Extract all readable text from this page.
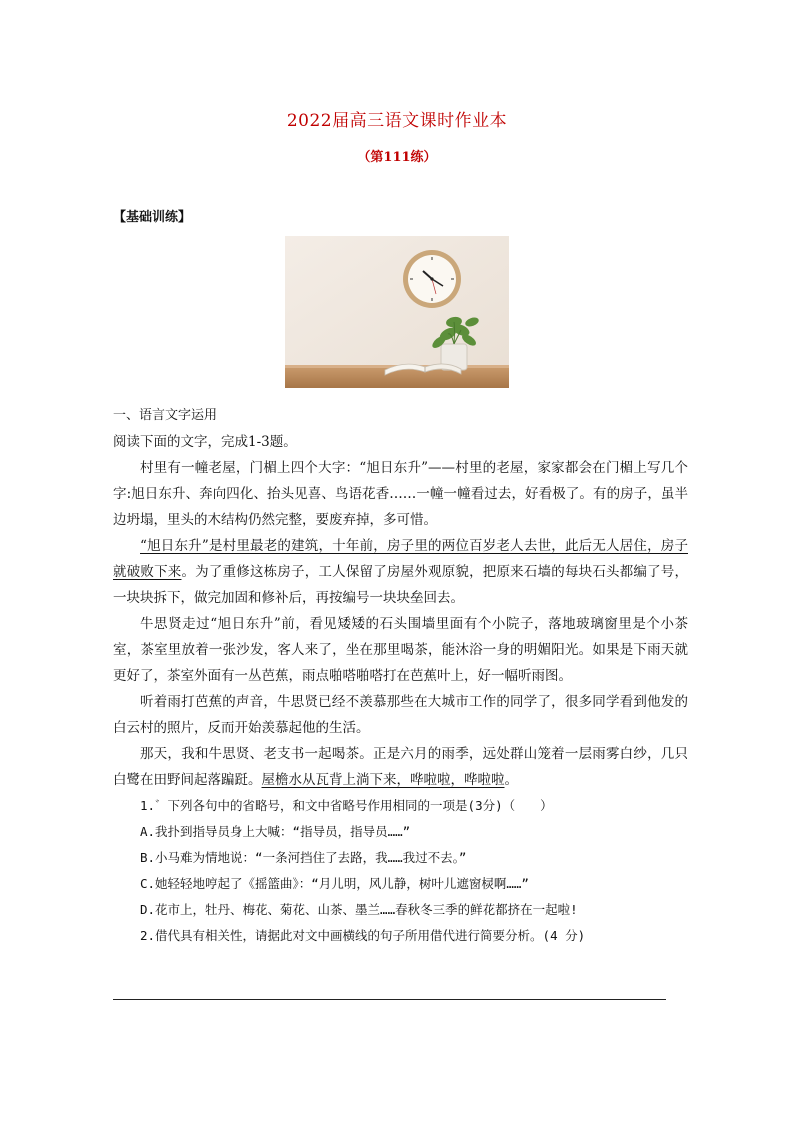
2022届高三语文课时作业本
（第111练）
【基础训练】
一、语言文字运用

阅读下面的文字，完成1-3题。

村里有一幢老屋，门楣上四个大字：“旭日东升”——村里的老屋，家家都会在门楣上写几个字:旭日东升、奔向四化、抬头见喜、鸟语花香……一幢一幢看过去，好看极了。有的房子，虽半边坍塌，里头的木结构仍然完整，要废弃掉，多可惜。

“旭日东升”是村里最老的建筑，十年前，房子里的两位百岁老人去世，此后无人居住，房子就破败下来。为了重修这栋房子，工人保留了房屋外观原貌，把原来石墙的每块石头都编了号，一块块拆下，做完加固和修补后，再按编号一块块垒回去。

牛思贤走过“旭日东升”前，看见矮矮的石头围墙里面有个小院子，落地玻璃窗里是个小茶室，茶室里放着一张沙发，客人来了，坐在那里喝茶，能沐浴一身的明媚阳光。如果是下雨天就更好了，茶室外面有一丛芭蕉，雨点啪嗒啪嗒打在芭蕉叶上，好一幅听雨图。

听着雨打芭蕉的声音，牛思贤已经不羡慕那些在大城市工作的同学了，很多同学看到他发的白云村的照片，反而开始羡慕起他的生活。

那天，我和牛思贤、老支书一起喝茶。正是六月的雨季，远处群山笼着一层雨雾白纱，几只白鹭在田野间起落蹁跹。屋檐水从瓦背上淌下来，哗啦啦，哗啦啦。

1.゛下列各句中的省略号，和文中省略号作用相同的一项是(3分)（　　）

A.我扑到指导员身上大喊：“指导员，指导员……”

B.小马难为情地说：“一条河挡住了去路，我……我过不去。”

C.她轻轻地哼起了《摇篮曲》：“月儿明，风儿静，树叶儿遮窗棂啊……”

D.花市上，牡丹、梅花、菊花、山茶、墨兰……春秋冬三季的鲜花都挤在一起啦!

2.借代具有相关性，请据此对文中画横线的句子所用借代进行简要分析。(4 分)
